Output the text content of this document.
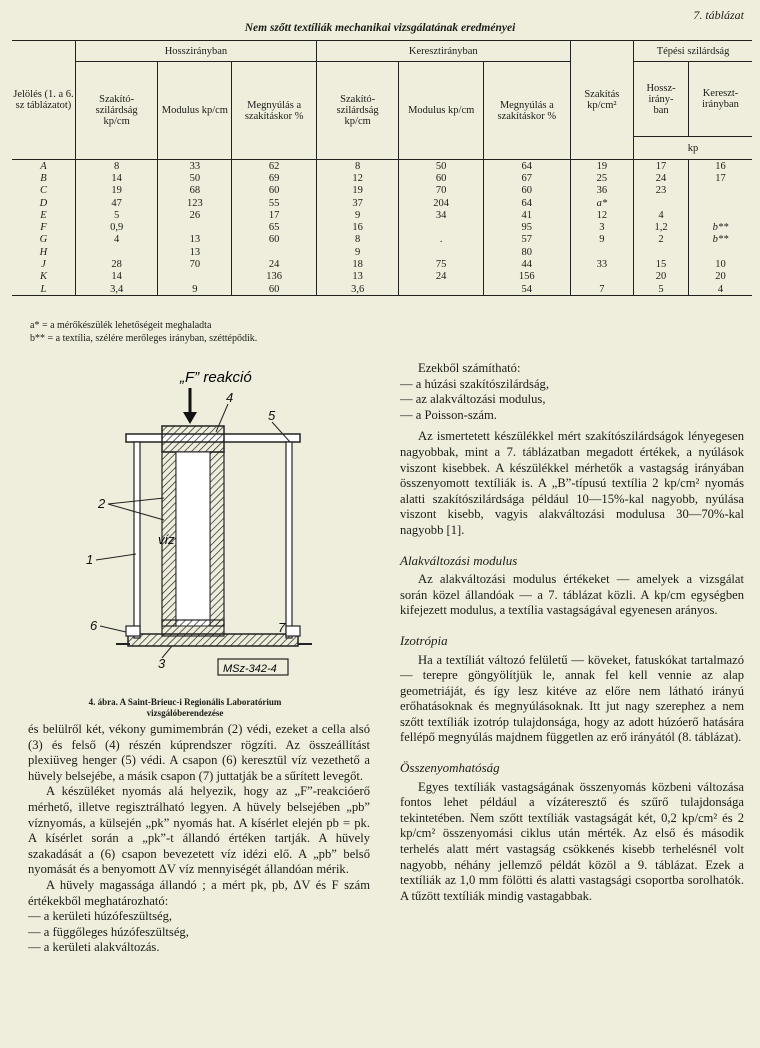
7. táblázat
Nem szőtt textíliák mechanikai vizsgálatának eredményei
Jelölés (1. a 6. sz táblázatot)	Hosszirányban			Keresztirányban			Szakítás kp/cm²	Tépési szilárdság	
	Szakító-szilárdság kp/cm	Modulus kp/cm	Megnyúlás a szakításkor %	Szakító-szilárdság kp/cm	Modulus kp/cm	Megnyúlás a szakításkor %		Hossz-irány-ban	Kereszt-irányban
								kp	
A	8	33	62	8	50	64	19	17	16
B	14	50	69	12	60	67	25	24	17
C	19	68	60	19	70	60	36	23	
D	47	123	55	37	204	64	a*		
E	5	26	17	9	34	41	12	4	
F	0,9		65	16		95	3	1,2	b**
G	4	13	60	8	.	57	9	2	b**
H		13		9		80			
J	28	70	24	18	75	44	33	15	10
K	14		136	13	24	156		20	20
L	3,4	9	60	3,6		54	7	5	4
a* = a mérőkészülék lehetőségeit meghaladta
b** = a textília, szélére merőleges irányban, széttépődik.
„F” reakció
víz
4
5
2
1
6	7
3	MSz-342-4
4. ábra. A Saint-Brieuc-i Regionális Laboratórium
vizsgálóberendezése

és belülről két, vékony gumimembrán (2) védi, ezeket a cella alsó (3) és felső (4) részén kúprendszer rögzíti. Az összeállítást plexiüveg henger (5) védi. A csapon (6) keresztül víz vezethető a hüvely belsejébe, a másik csapon (7) juttatják be a sűrített levegőt.

A készüléket nyomás alá helyezik, hogy az „F”-reakcióerő mérhető, illetve regisztrálható legyen. A hüvely belsejében „pb” víznyomás, a külsején „pk” nyomás hat. A kísérlet elején pb = pk. A kísérlet során a „pk”-t állandó értéken tartják. A hüvely szakadását a (6) csapon bevezetett víz idézi elő. A „pb” belső nyomását és a benyomott ΔV víz mennyiségét állandóan mérik.

A hüvely magassága állandó ; a mért pk, pb, ΔV és F szám értékekből meghatározható:

— a kerületi húzófeszültség,

— a függőleges húzófeszültség,

— a kerületi alakváltozás.

Ezekből számítható:

— a húzási szakítószilárdság,

— az alakváltozási modulus,

— a Poisson-szám.

Az ismertetett készülékkel mért szakítószilárdságok lényegesen nagyobbak, mint a 7. táblázatban megadott értékek, a nyúlások viszont kisebbek. A készülékkel mérhetők a vastagság irányában összenyomott textíliák is. A „B”-típusú textília 2 kp/cm² nyomás alatti szakítószilárdsága például 10—15%-kal nagyobb, nyúlása viszont kisebb, vagyis alakváltozási modulusa 30—70%-kal nagyobb [1].

Alakváltozási modulus

Az alakváltozási modulus értékeket — amelyek a vizsgálat során közel állandóak — a 7. táblázat közli. A kp/cm egységben kifejezett modulus, a textília vastagságával egyenesen arányos.

Izotrópia

Ha a textíliát változó felületű — köveket, fatuskókat tartalmazó — terepre göngyölítjük le, annak fel kell vennie az alap geometriáját, és így lesz kitéve az előre nem látható irányú erőhatásoknak és megnyúlásoknak. Itt jut nagy szerephez a nem szőtt textíliák izotróp tulajdonsága, hogy az adott húzóerő hatására fellépő megnyúlás majdnem független az erő irányától (8. táblázat).

Összenyomhatóság

Egyes textíliák vastagságának összenyomás közbeni változása fontos lehet például a vízáteresztő és szűrő tulajdonsága tekintetében. Nem szőtt textíliák vastagságát két, 0,2 kp/cm² és 2 kp/cm² összenyomási ciklus után mérték. Az első és második terhelés alatt mért vastagság csökkenés kisebb terhelésnél volt nagyobb, néhány jellemző példát közöl a 9. táblázat. Ezek a textíliák az 1,0 mm fölötti és alatti vastagsági csoportba sorolhatók. A tűzött textíliák mindig vastagabbak.
